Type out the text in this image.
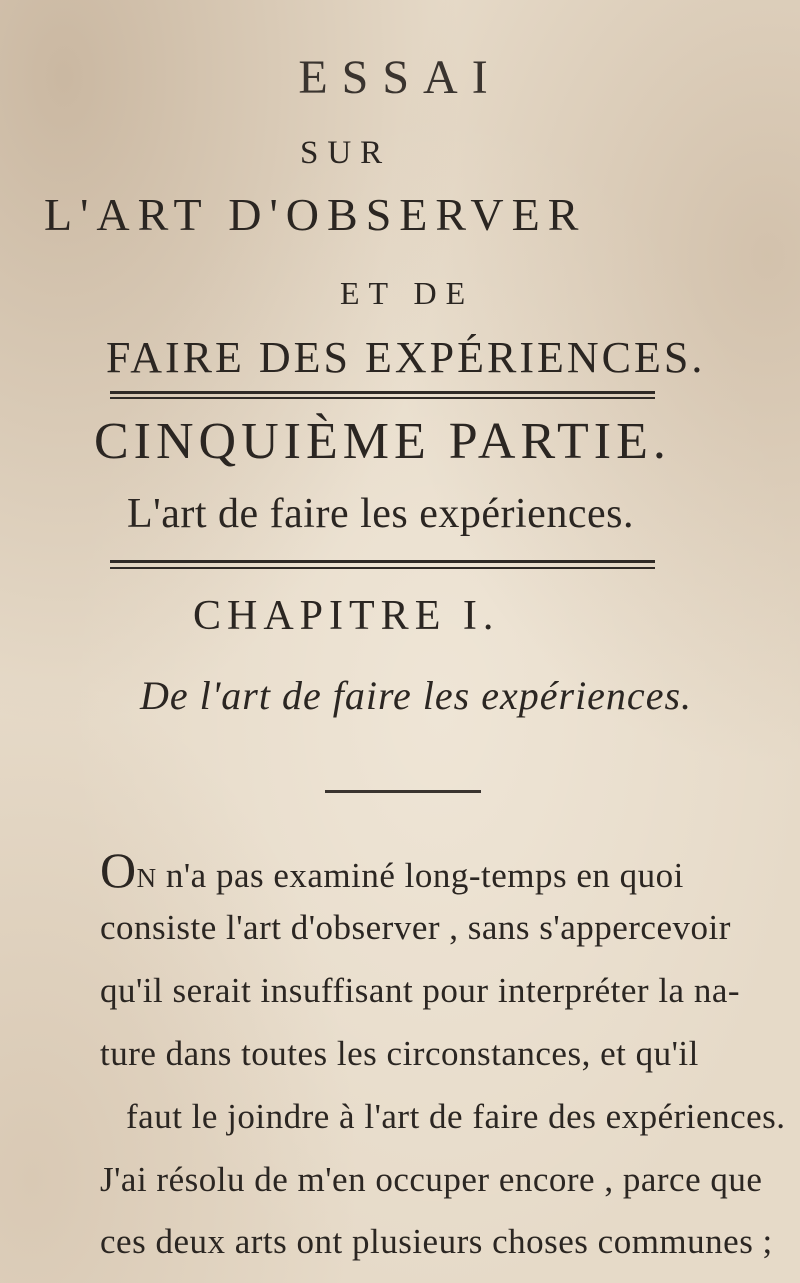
ESSAI
SUR
L'ART D'OBSERVER
ET DE
FAIRE DES EXPÉRIENCES.
CINQUIÈME PARTIE.
L'art de faire les expériences.
CHAPITRE I.
De l'art de faire les expériences.
ON n'a pas examiné long-temps en quoi
consiste l'art d'observer , sans s'appercevoir
qu'il serait insuffisant pour interpréter la na-
ture dans toutes les circonstances, et qu'il
faut le joindre à l'art de faire des expériences.
J'ai résolu de m'en occuper encore , parce que
ces deux arts ont plusieurs choses communes ;
